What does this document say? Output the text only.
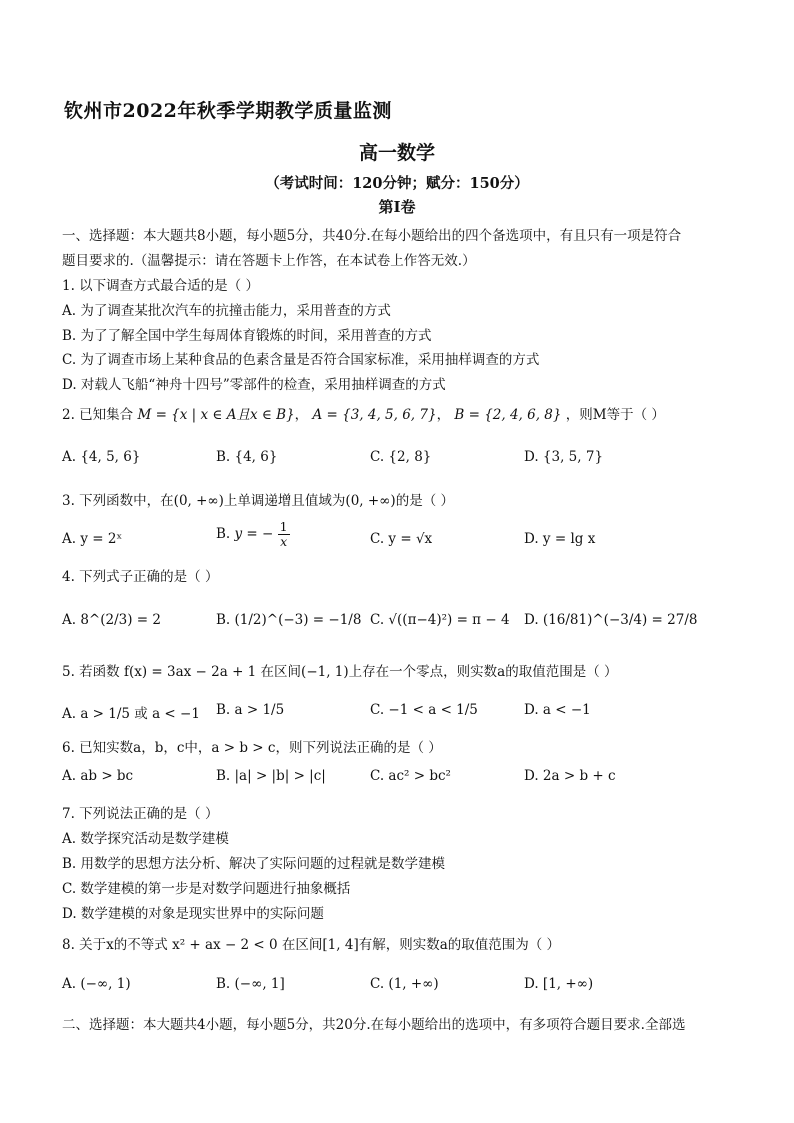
钦州市2022年秋季学期教学质量监测
高一数学
（考试时间：120分钟；赋分：150分）
第I卷
一、选择题：本大题共8小题，每小题5分，共40分.在每小题给出的四个备选项中，有且只有一项是符合
题目要求的.（温馨提示：请在答题卡上作答，在本试卷上作答无效.）
1. 以下调查方式最合适的是（ ）
A. 为了调查某批次汽车的抗撞击能力，采用普查的方式
B. 为了了解全国中学生每周体育锻炼的时间，采用普查的方式
C. 为了调查市场上某种食品的色素含量是否符合国家标准，采用抽样调查的方式
D. 对载人飞船“神舟十四号”零部件的检查，采用抽样调查的方式
2. 已知集合 M = {x | x ∈ A且x ∈ B}， A = {3, 4, 5, 6, 7}， B = {2, 4, 6, 8} ，则M等于（ ）
A. {4, 5, 6}	B. {4, 6}	C. {2, 8}	D. {3, 5, 7}
3. 下列函数中，在(0, +∞)上单调递增且值域为(0, +∞)的是（ ）
A. y = 2ˣ	B. y = − $\frac{1}{x}$	C. y = √x	D. y = lg x
4. 下列式子正确的是（ ）
A. 8^(2/3) = 2	B. (1/2)^(−3) = −1/8 C. √((π−4)²) = π − 4 D. (16/81)^(−3/4) = 27/8
5. 若函数 f(x) = 3ax − 2a + 1 在区间(−1, 1)上存在一个零点，则实数a的取值范围是（ ）
A. a > 1/5 或 a < −1 B. a > 1/5	C. −1 < a < 1/5	D. a < −1
6. 已知实数a，b，c中，a > b > c，则下列说法正确的是（ ）
A. ab > bc	B. |a| > |b| > |c|	C. ac² > bc²	D. 2a > b + c
7. 下列说法正确的是（ ）
A. 数学探究活动是数学建模
B. 用数学的思想方法分析、解决了实际问题的过程就是数学建模
C. 数学建模的第一步是对数学问题进行抽象概括
D. 数学建模的对象是现实世界中的实际问题
8. 关于x的不等式 x² + ax − 2 < 0 在区间[1, 4]有解，则实数a的取值范围为（ ）
A. (−∞, 1)	B. (−∞, 1]	C. (1, +∞)	D. [1, +∞)
二、选择题：本大题共4小题，每小题5分，共20分.在每小题给出的选项中，有多项符合题目要求.全部选
